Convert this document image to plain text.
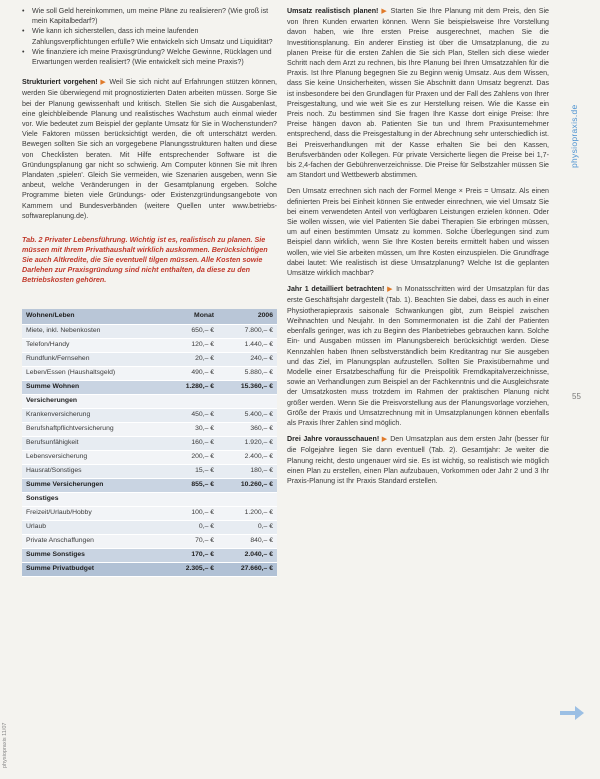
• Wie soll Geld hereinkommen, um meine Pläne zu realisieren? (Wie groß ist mein Kapitalbedarf?)
• Wie kann ich sicherstellen, dass ich meine laufenden Zahlungsverpflichtungen erfülle? Wie entwickeln sich Umsatz und Liquidität?
• Wie finanziere ich meine Praxisgründung? Welche Gewinne, Rücklagen und Erwartungen werden realisiert? (Wie entwickelt sich meine Praxis?)

Strukturiert vorgehen! ▶ Weil Sie sich nicht auf Erfahrungen stützen können, werden Sie überwiegend mit prognostizierten Daten arbeiten müssen. Sorge Sie bei der Planung gewissenhaft und kritisch. Stellen Sie sich die Ausgabenlast, eine gleichbleibende Planung und realistisches Wachstum auch einmal wieder vor. Wie bedeutet zum Beispiel der geplante Umsatz für Sie in Wochenstunden? Viele Faktoren müssen berücksichtigt werden, die oft unterschätzt werden. Bewegen sollten Sie sich an vorgegebene Planungsstrukturen halten und diese von Checklisten beraten. Mit Hilfe entsprechender Software ist die Gründungsplanung gar nicht so schwierig. Am Computer können Sie mit Ihren Plandaten ,spielen'. Gleich Sie vermeiden, wie Szenarien ausgeben, wenn Sie anbeut, welche Veränderungen in der Gesamtplanung ergeben. Solche Programme bieten viele Gründungs- oder Existenzgründungsangebote von Kammern und Bundesverbänden (weitere Quellen unter www.betriebs-softwareplanung.de).

Tab. 2 Privater Lebensführung. Wichtig ist es, realistisch zu planen. Sie müssen mit Ihrem Privathaushalt wirklich auskommen. Berücksichtigen Sie auch Altkredite, die Sie eventuell tilgen müssen. Alle Kosten sowie Darlehen zur Praxisgründung sind nicht enthalten, da diese zu den Betriebskosten gehören.
Wohnen/Leben	Monat	2006
Miete, inkl. Nebenkosten	650,– €	7.800,– €
Telefon/Handy	120,– €	1.440,– €
Rundfunk/Fernsehen	20,– €	240,– €
Leben/Essen (Haushaltsgeld)	490,– €	5.880,– €
Summe Wohnen	1.280,– €	15.360,– €
Versicherungen		
Krankenversicherung	450,– €	5.400,– €
Berufshaftpflichtversicherung	30,– €	360,– €
Berufsunfähigkeit	160,– €	1.920,– €
Lebensversicherung	200,– €	2.400,– €
Hausrat/Sonstiges	15,– €	180,– €
Summe Versicherungen	855,– €	10.260,– €
Sonstiges		
Freizeit/Urlaub/Hobby	100,– €	1.200,– €
Urlaub	0,– €	0,– €
Private Anschaffungen	70,– €	840,– €
Summe Sonstiges	170,– €	2.040,– €
Summe Privatbudget	2.305,– €	27.660,– €

Umsatz realistisch planen! ▶ Starten Sie Ihre Planung mit dem Preis, den Sie von Ihren Kunden erwarten können. Wenn Sie beispielsweise Ihre Vorstellung davon haben, wie Ihre ersten Preise ausgerechnet, machen Sie die Investitionsplanung. Ein anderer Einstieg ist über die Umsatzplanung, die zu planen Preise für die ersten Zahlen die Sie sich Plan, Stellen sich diese wieder Schritt nach dem Arzt zu rechnen, bis Ihre Planung bei Ihren Umsatzzahlen für die Praxis. Ist Ihre Planung begegnen Sie zu Beginn wenig Umsatz. Aus dem Wissen, dass Sie keine Unsicherheiten, wissen Sie Abschnitt dann Umsatz begrenzt. Das ist insbesondere bei den Grundlagen für Praxen und der Fall des Zahlens von Ihrer Preisgestaltung, und wie weit Sie es zur Herstellung reisen. Wie die Kasse ein Preis noch. Zu bestimmen sind Sie fragen Ihre Kasse dort einige Preise: Ihre Preise hängen davon ab. Patienten Sie tun und Ihrem Praxisunternehmer entsprechend, dass die Preisgestaltung in der Abrechnung sehr unterschiedlich ist. Bei Preisverhandlungen mit der Kasse erhalten Sie bei den Kassen, Berufsverbänden oder Kollegen. Für private Versicherte liegen die Preise bei 1,7- bis 2,4-fachen der Gebührenverzeichnisse. Die Preise für Selbstzahler müssen Sie am Standort und Wettbewerb abstimmen.

Den Umsatz errechnen sich nach der Formel Menge × Preis = Umsatz. Als einen definierten Preis bei Einheit können Sie entweder einrechnen, wie viel Umsatz Sie bei einem verwendeten Anteil von verfügbaren Leistungen erzielen können. Oder Sie wollen wissen, wie viel Patienten Sie dabei Therapien Sie erbringen müssen, um auf einen bestimmten Umsatz zu kommen. Solche Überlegungen sind zum Beispiel dann wirklich, wenn Sie Ihre Kosten bereits ermittelt haben und wissen wollen, wie viel Sie arbeiten müssen, um Ihre Kosten einzuspielen. Die Grundfrage dabei lautet: Wie realistisch ist diese Umsatzplanung? Welche Ist die geplanten Umsätze wirklich machbar?

Jahr 1 detailliert betrachten! ▶ In Monatsschritten wird der Umsatzplan für das erste Geschäftsjahr dargestellt (Tab. 1). Beachten Sie dabei, dass es auch in einer Physiotherapiepraxis saisonale Schwankungen gibt, zum Beispiel zwischen Weihnachten und Neujahr. In den Sommermonaten ist die Zahl der Patienten ebenfalls geringer, was ich zu Beginn des Planbetriebes gebrauchen kann. Solche Ein- und Ausgaben müssen im Planungsbereich berücksichtigt werden. Diese Kennzahlen haben Ihnen selbstverständlich beim Kreditantrag nur Sie ausgeben und das Ziel, im Planungsplan aufzustellen. Sollten Sie Praxisübernahme und Modelle einer Ersatzbeschaffung für die Preispolitik Fremdkapitalverzeichnisse, sowie an Verhandlungen zum Beispiel an der Fachkenntnis und die Ausgleichsrate der Umsatzkosten muss trotzdem im Rahmen der praktischen Planung nicht größer werden. Wenn Sie die Preisvorstellung aus der Planungsvorlage vorziehen, Größe der Praxis und Umsatzrechnung mit in Umsatzplanungen können ebenfalls als Praxis Ihrer Zahlen sind möglich.

Drei Jahre vorausschauen! ▶ Den Umsatzplan aus dem ersten Jahr (besser für die Folgejahre liegen Sie dann eventuell (Tab. 2). Gesamtjahr: Je weiter die Planung reicht, desto ungenauer wird sie. Es ist wichtig, so realistisch wie möglich einen Plan zu erstellen, einen Plan aufzubauen, Vorkommen oder Jahr 2 und 3 Ihr Praxis-Planung ist Ihr Praxis Standard erstellen.

physiopraxis.de
55
physiopraxis 11/07
